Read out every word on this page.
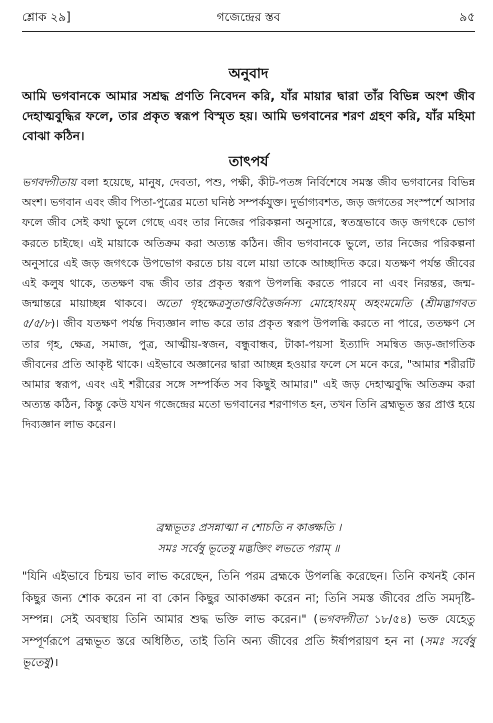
শ্লোক ২৯]	গজেন্দ্রের স্তব	৯৫
অনুবাদ
আমি ভগবানকে আমার সশ্রদ্ধ প্রণতি নিবেদন করি, যাঁর মায়ার দ্বারা তাঁর বিভিন্ন অংশ জীব দেহাত্মবুদ্ধির ফলে, তার প্রকৃত স্বরূপ বিস্মৃত হয়। আমি ভগবানের শরণ গ্রহণ করি, যাঁর মহিমা বোঝা কঠিন।
তাৎপর্য
ভগবদ্গীতায় বলা হয়েছে, মানুষ, দেবতা, পশু, পক্ষী, কীট-পতঙ্গ নির্বিশেষে সমস্ত জীব ভগবানের বিভিন্ন অংশ। ভগবান এবং জীব পিতা-পুত্রের মতো ঘনিষ্ঠ সম্পর্কযুক্ত। দুর্ভাগ্যবশত, জড় জগতের সংস্পর্শে আসার ফলে জীব সেই কথা ভুলে গেছে এবং তার নিজের পরিকল্পনা অনুসারে, স্বতন্ত্রভাবে জড় জগৎকে ভোগ করতে চাইছে। এই মায়াকে অতিক্রম করা অত্যন্ত কঠিন। জীব ভগবানকে ভুলে, তার নিজের পরিকল্পনা অনুসারে এই জড় জগৎকে উপভোগ করতে চায় বলে মায়া তাকে আচ্ছাদিত করে। যতক্ষণ পর্যন্ত জীবের এই কলুষ থাকে, ততক্ষণ বদ্ধ জীব তার প্রকৃত স্বরূপ উপলব্ধি করতে পারবে না এবং নিরন্তর, জন্ম-জন্মান্তরে মায়াচ্ছন্ন থাকবে। অতো গৃহক্ষেত্রসুতাপ্তবিত্তৈর্জনস্য মোহোঽয়ম্ অহংমমেতি (শ্রীমদ্ভাগবত ৫/৫/৮)। জীব যতক্ষণ পর্যন্ত দিব্যজ্ঞান লাভ করে তার প্রকৃত স্বরূপ উপলব্ধি করতে না পারে, ততক্ষণ সে তার গৃহ, ক্ষেত্র, সমাজ, পুত্র, আত্মীয়-স্বজন, বন্ধুবান্ধব, টাকা-পয়সা ইত্যাদি সমন্বিত জড়-জাগতিক জীবনের প্রতি আকৃষ্ট থাকে। এইভাবে অজ্ঞানের দ্বারা আচ্ছন্ন হওয়ার ফলে সে মনে করে, "আমার শরীরটি আমার স্বরূপ, এবং এই শরীরের সঙ্গে সম্পর্কিত সব কিছুই আমার।" এই জড় দেহাত্মবুদ্ধি অতিক্রম করা অত্যন্ত কঠিন, কিন্তু কেউ যখন গজেন্দ্রের মতো ভগবানের শরণাগত হন, তখন তিনি ব্রহ্মভূত স্তর প্রাপ্ত হয়ে দিব্যজ্ঞান লাভ করেন।
ব্রহ্মভূতঃ প্রসন্নাত্মা ন শোচতি ন কাঙ্ক্ষতি ।
সমঃ সর্বেষু ভূতেষু মদ্ভক্তিং লভতে পরাম্ ॥
"যিনি এইভাবে চিন্ময় ভাব লাভ করেছেন, তিনি পরম ব্রহ্মকে উপলব্ধি করেছেন। তিনি কখনই কোন কিছুর জন্য শোক করেন না বা কোন কিছুর আকাঙ্ক্ষা করেন না; তিনি সমস্ত জীবের প্রতি সমদৃষ্টি-সম্পন্ন। সেই অবস্থায় তিনি আমার শুদ্ধ ভক্তি লাভ করেন।" (ভগবদ্গীতা ১৮/৫৪) ভক্ত যেহেতু সম্পূর্ণরূপে ব্রহ্মভূত স্তরে অধিষ্ঠিত, তাই তিনি অন্য জীবের প্রতি ঈর্ষাপরায়ণ হন না (সমঃ সর্বেষু ভূতেষু)।
